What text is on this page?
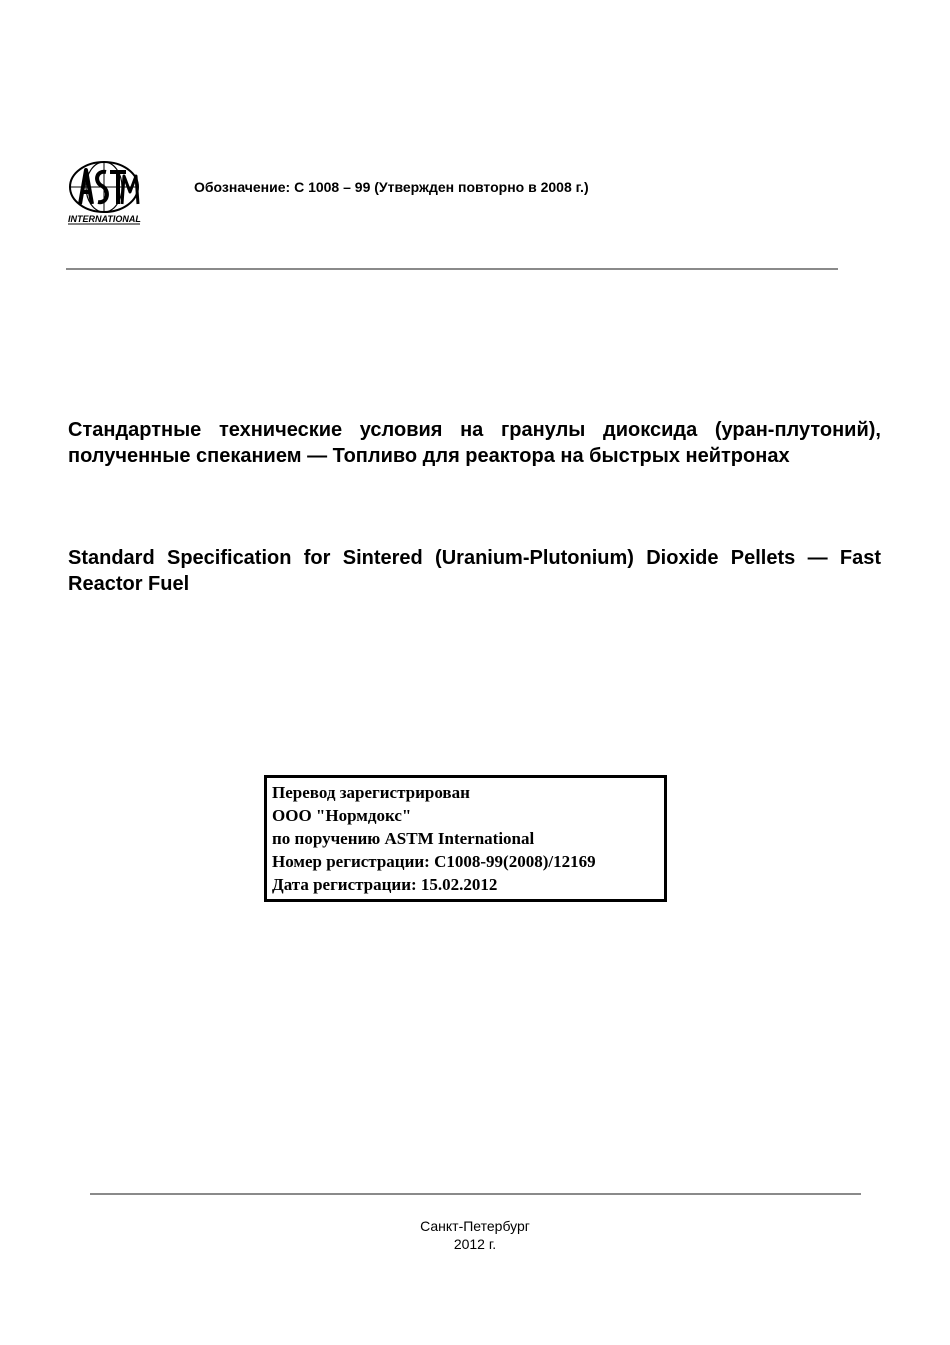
INTERNATIONAL
Обозначение: С 1008 – 99 (Утвержден повторно в 2008 г.)
Стандартные технические условия на гранулы диоксида (уран-плутоний), полученные спеканием — Топливо для реактора на быстрых нейтронах
Standard Specification for Sintered (Uranium-Plutonium) Dioxide Pellets — Fast Reactor Fuel
Перевод зарегистрирован
ООО "Нормдокс"
по поручению ASTM International
Номер регистрации: C1008-99(2008)/12169
Дата регистрации: 15.02.2012
Санкт-Петербург
2012 г.
